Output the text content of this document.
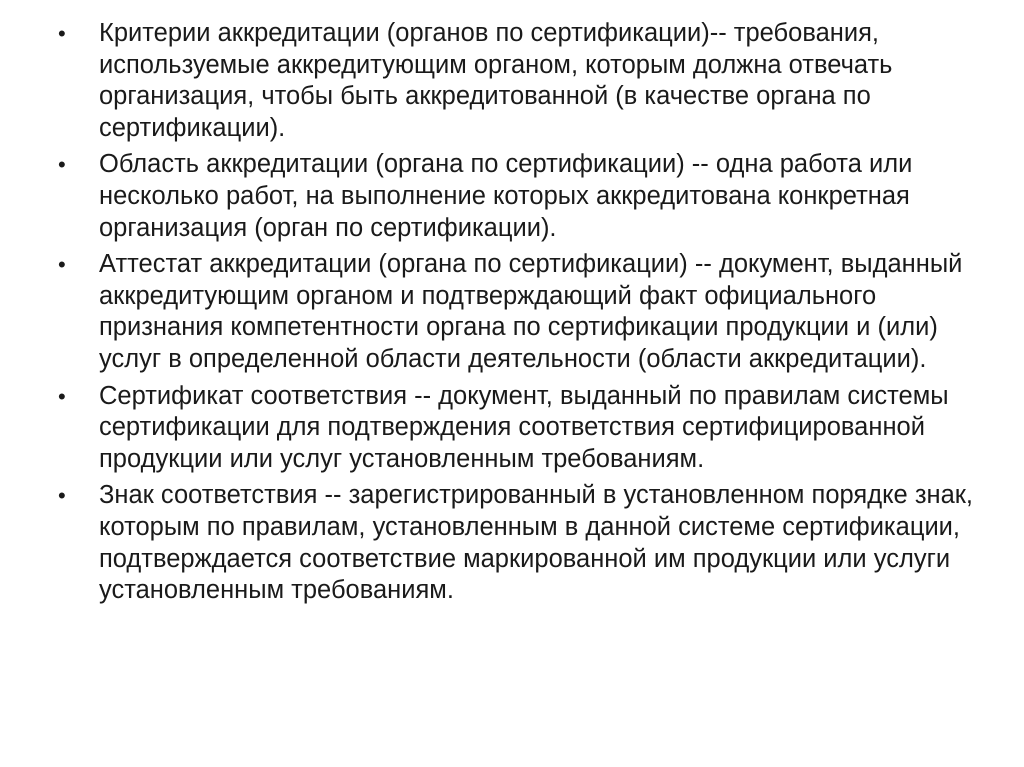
•	Критерии аккредитации (органов по сертификации)-- требования, используемые аккредитующим органом, которым должна отвечать организация, чтобы быть аккредитованной (в качестве органа по сертификации).
•	Область аккредитации (органа по сертификации) -- одна работа или несколько работ, на выполнение которых аккредитована конкретная организация (орган по сертификации).
•	Аттестат аккредитации (органа по сертификации) -- документ, выданный аккредитующим органом и подтверждающий факт официального признания компетентности органа по сертификации продукции и (или) услуг в определенной области деятельности (области аккредитации).
•	Сертификат соответствия -- документ, выданный по правилам системы сертификации для подтверждения соответствия сертифицированной продукции или услуг установленным требованиям.
•	Знак соответствия -- зарегистрированный в установленном порядке знак, которым по правилам, установленным в данной системе сертификации, подтверждается соответствие маркированной им продукции или услуги установленным требованиям.
